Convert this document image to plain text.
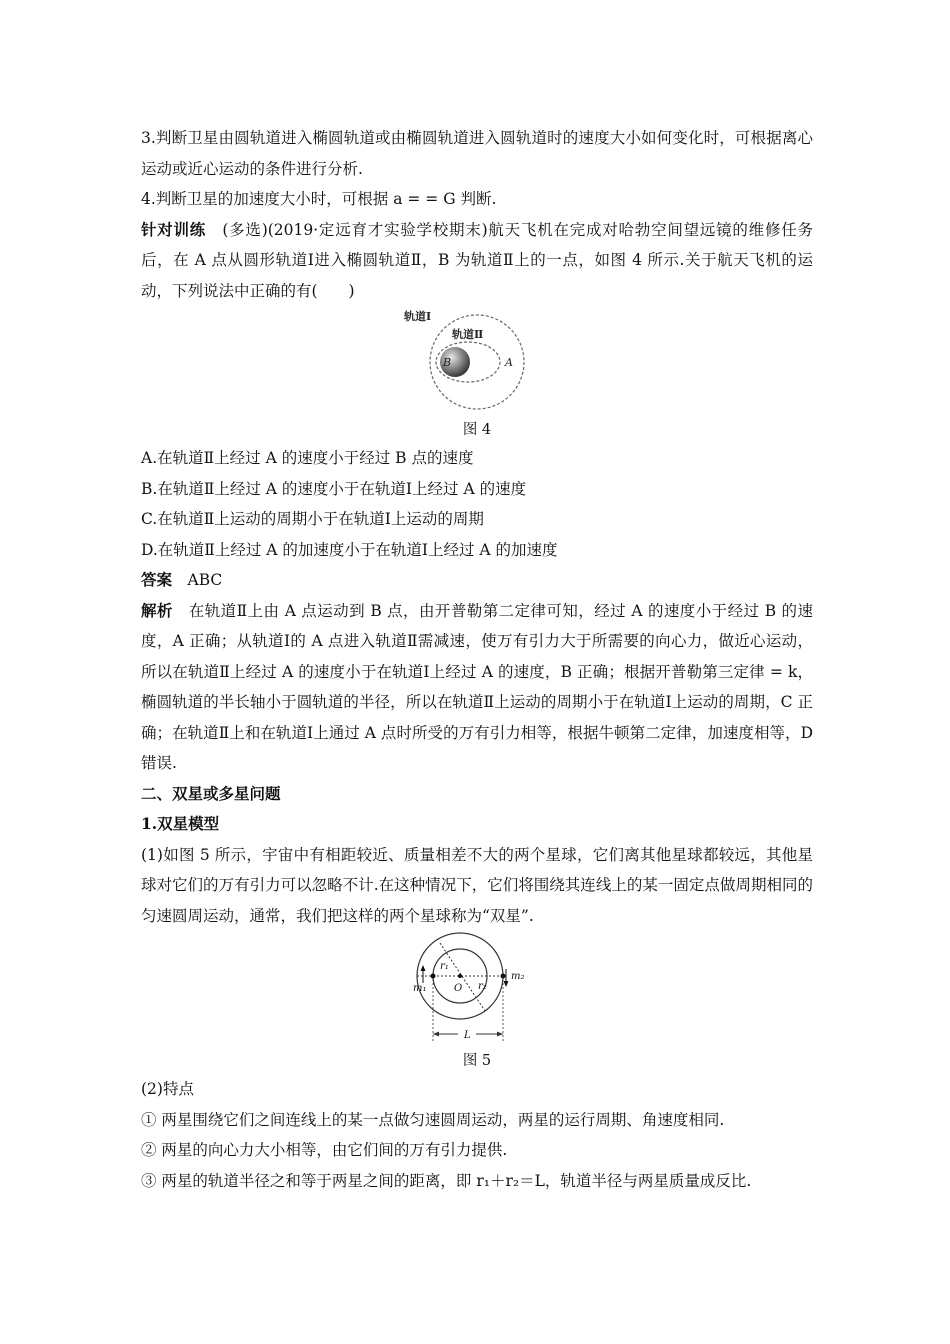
3.判断卫星由圆轨道进入椭圆轨道或由椭圆轨道进入圆轨道时的速度大小如何变化时，可根据离心运动或近心运动的条件进行分析.

4.判断卫星的加速度大小时，可根据 a = = G 判断.

针对训练　(多选)(2019·定远育才实验学校期末)航天飞机在完成对哈勃空间望远镜的维修任务后，在 A 点从圆形轨道Ⅰ进入椭圆轨道Ⅱ，B 为轨道Ⅱ上的一点，如图 4 所示.关于航天飞机的运动，下列说法中正确的有(　　)

轨道Ⅰ
轨道Ⅱ
B	A
图 4

A.在轨道Ⅱ上经过 A 的速度小于经过 B 点的速度

B.在轨道Ⅱ上经过 A 的速度小于在轨道Ⅰ上经过 A 的速度

C.在轨道Ⅱ上运动的周期小于在轨道Ⅰ上运动的周期

D.在轨道Ⅱ上经过 A 的加速度小于在轨道Ⅰ上经过 A 的加速度

答案　ABC

解析　在轨道Ⅱ上由 A 点运动到 B 点，由开普勒第二定律可知，经过 A 的速度小于经过 B 的速度，A 正确；从轨道Ⅰ的 A 点进入轨道Ⅱ需减速，使万有引力大于所需要的向心力，做近心运动，所以在轨道Ⅱ上经过 A 的速度小于在轨道Ⅰ上经过 A 的速度，B 正确；根据开普勒第三定律 = k，椭圆轨道的半长轴小于圆轨道的半径，所以在轨道Ⅱ上运动的周期小于在轨道Ⅰ上运动的周期，C 正确；在轨道Ⅱ上和在轨道Ⅰ上通过 A 点时所受的万有引力相等，根据牛顿第二定律，加速度相等，D 错误.

二、双星或多星问题

1.双星模型

(1)如图 5 所示，宇宙中有相距较近、质量相差不大的两个星球，它们离其他星球都较远，其他星球对它们的万有引力可以忽略不计.在这种情况下，它们将围绕其连线上的某一固定点做周期相同的匀速圆周运动，通常，我们把这样的两个星球称为“双星”.

m₁
m₂
r₁
r₂
O
L
图 5

(2)特点

① 两星围绕它们之间连线上的某一点做匀速圆周运动，两星的运行周期、角速度相同.

② 两星的向心力大小相等，由它们间的万有引力提供.

③ 两星的轨道半径之和等于两星之间的距离，即 r₁＋r₂＝L，轨道半径与两星质量成反比.
